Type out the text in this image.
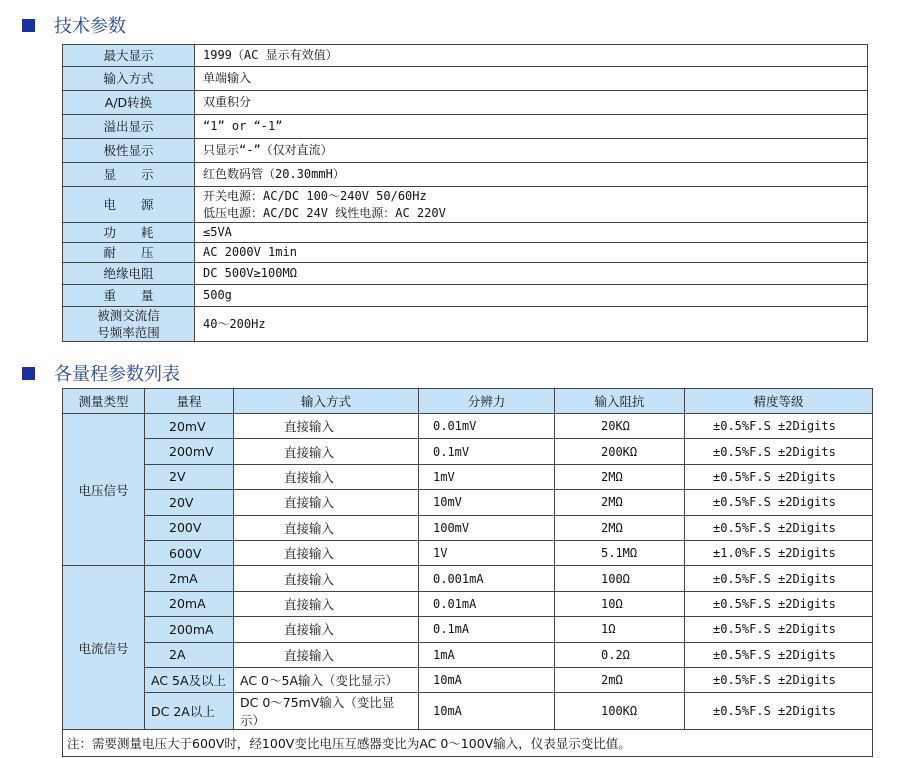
技术参数
最大显示	1999（AC 显示有效值）

输入方式	单端输入

A/D转换	双重积分

溢出显示	“1” or “-1”

极性显示	只显示“-”（仅对直流）

显　　示	红色数码管（20.30mmH）

电　　源	开关电源：AC/DC 100～240V 50/60Hz
低压电源：AC/DC 24V 线性电源：AC 220V

功　　耗	≤5VA

耐　　压	AC 2000V 1min

绝缘电阻	DC 500V≥100MΩ

重　　量	500g

被测交流信
号频率范围	40～200Hz
各量程参数列表
测量类型	量程	输入方式	分辨力	输入阻抗	精度等级
电压信号	20mV	直接输入	0.01mV	20KΩ	±0.5%F.S ±2Digits
	200mV	直接输入	0.1mV	200KΩ	±0.5%F.S ±2Digits
	2V	直接输入	1mV	2MΩ	±0.5%F.S ±2Digits
	20V	直接输入	10mV	2MΩ	±0.5%F.S ±2Digits
	200V	直接输入	100mV	2MΩ	±0.5%F.S ±2Digits
	600V	直接输入	1V	5.1MΩ	±1.0%F.S ±2Digits
电流信号	2mA	直接输入	0.001mA	100Ω	±0.5%F.S ±2Digits
	20mA	直接输入	0.01mA	10Ω	±0.5%F.S ±2Digits
	200mA	直接输入	0.1mA	1Ω	±0.5%F.S ±2Digits
	2A	直接输入	1mA	0.2Ω	±0.5%F.S ±2Digits
	AC 5A及以上	AC 0～5A输入（变比显示）	10mA	2mΩ	±0.5%F.S ±2Digits
	DC 2A以上	DC 0～75mV输入（变比显示）	10mA	100KΩ	±0.5%F.S ±2Digits
注：需要测量电压大于600V时，经100V变比电压互感器变比为AC 0～100V输入，仪表显示变比值。					
